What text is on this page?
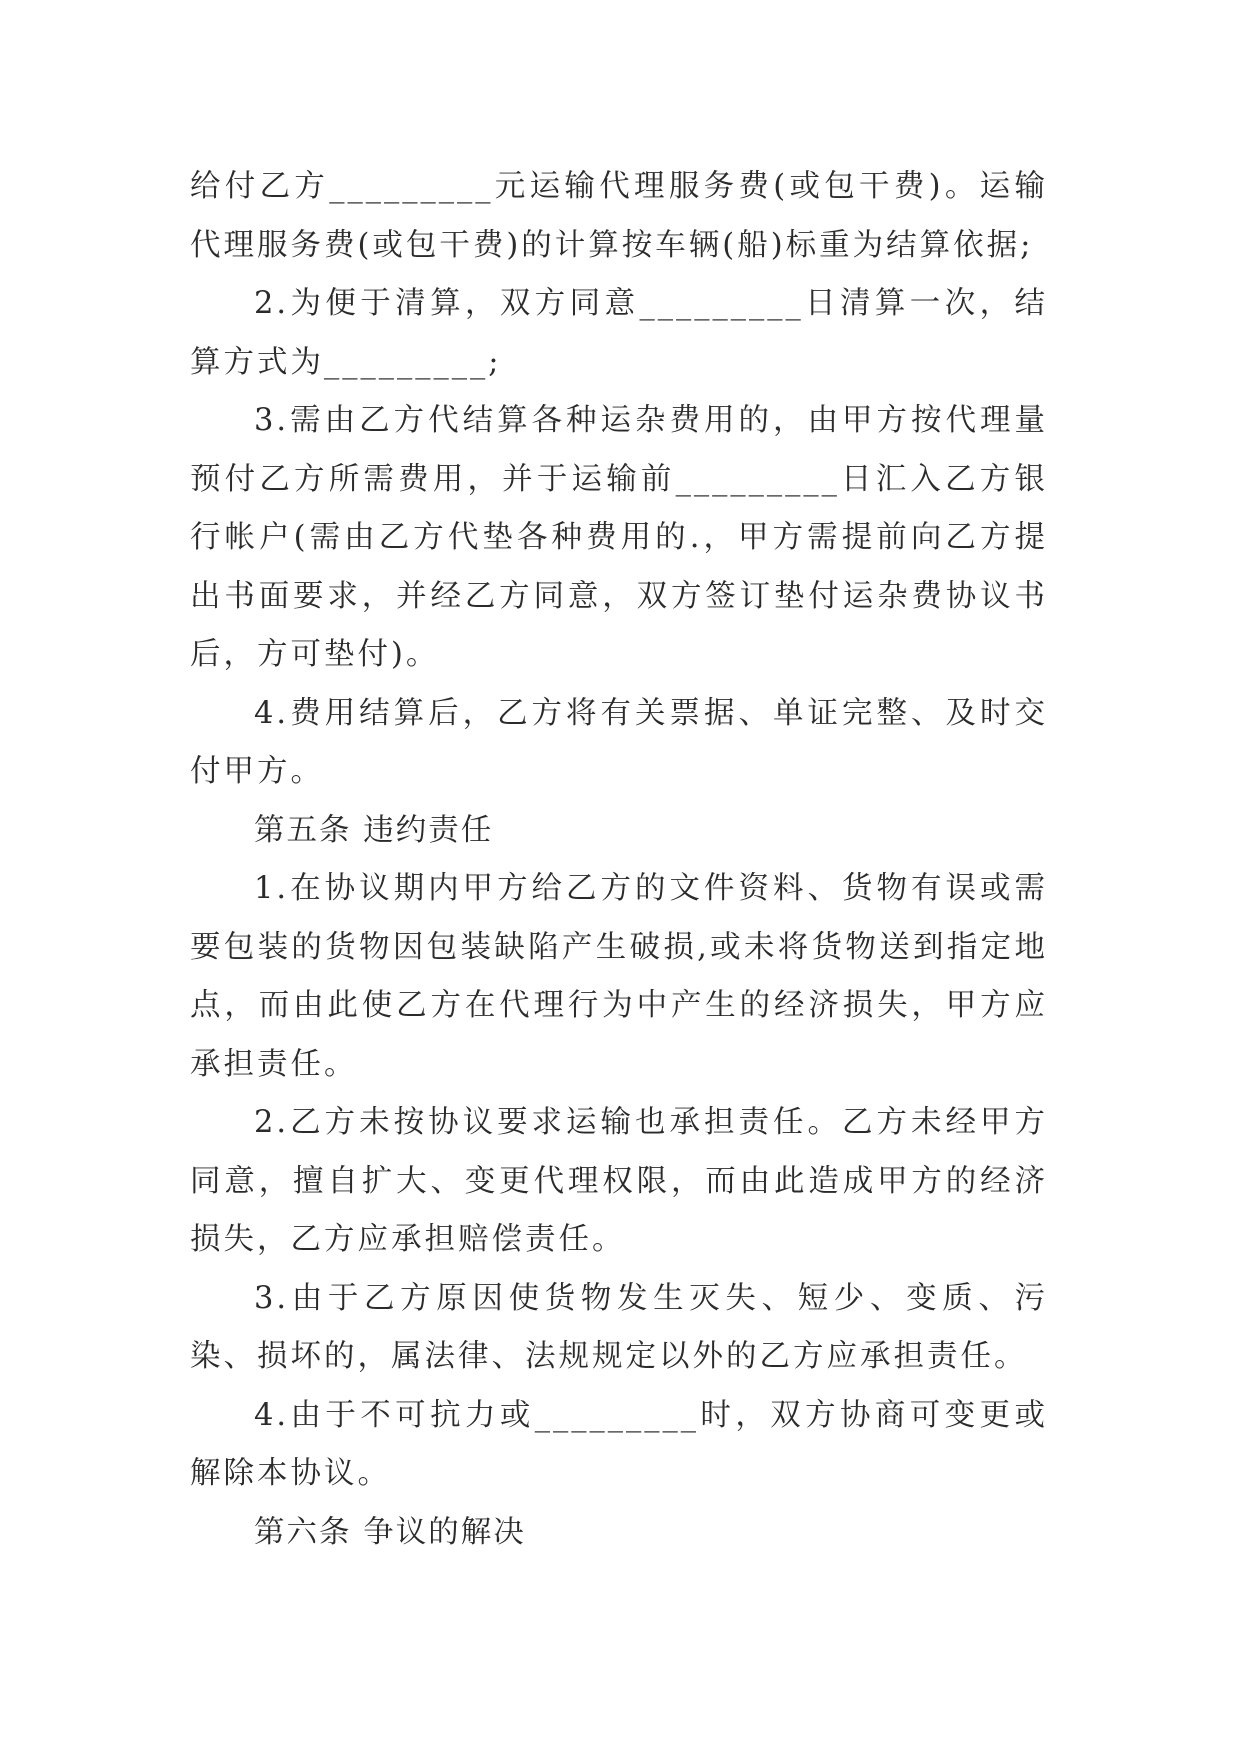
给付乙方_________元运输代理服务费(或包干费)。运输代理服务费(或包干费)的计算按车辆(船)标重为结算依据;

2.为便于清算，双方同意_________日清算一次，结算方式为_________;

3.需由乙方代结算各种运杂费用的，由甲方按代理量预付乙方所需费用，并于运输前_________日汇入乙方银行帐户(需由乙方代垫各种费用的.，甲方需提前向乙方提出书面要求，并经乙方同意，双方签订垫付运杂费协议书后，方可垫付)。

4.费用结算后，乙方将有关票据、单证完整、及时交付甲方。

第五条 违约责任

1.在协议期内甲方给乙方的文件资料、货物有误或需要包装的货物因包装缺陷产生破损,或未将货物送到指定地点，而由此使乙方在代理行为中产生的经济损失，甲方应承担责任。

2.乙方未按协议要求运输也承担责任。乙方未经甲方同意，擅自扩大、变更代理权限，而由此造成甲方的经济损失，乙方应承担赔偿责任。

3.由于乙方原因使货物发生灭失、短少、变质、污染、损坏的，属法律、法规规定以外的乙方应承担责任。

4.由于不可抗力或_________时，双方协商可变更或解除本协议。

第六条 争议的解决
